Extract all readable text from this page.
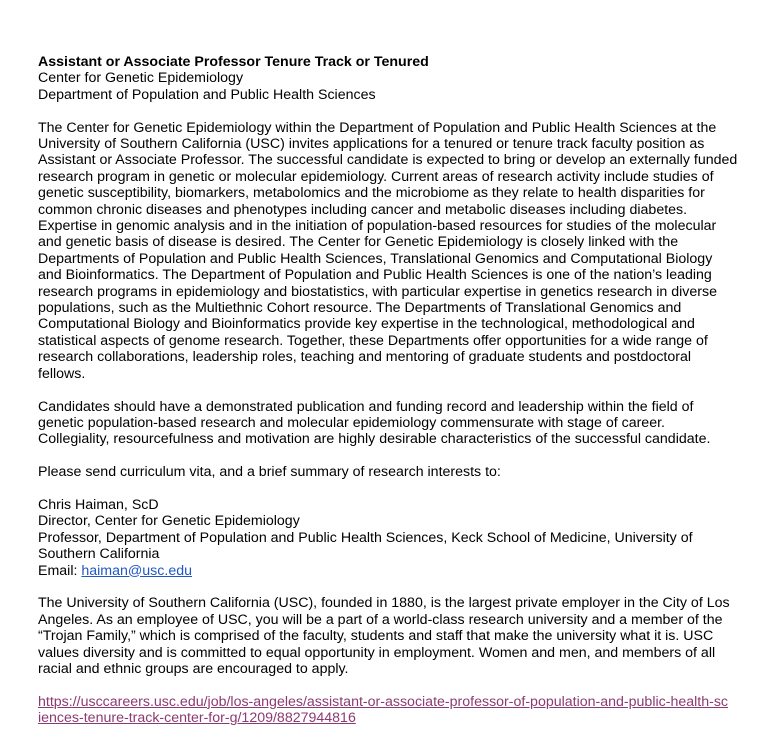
Assistant or Associate Professor Tenure Track or Tenured

Center for Genetic Epidemiology

Department of Population and Public Health Sciences

The Center for Genetic Epidemiology within the Department of Population and Public Health Sciences at the University of Southern California (USC) invites applications for a tenured or tenure track faculty position as Assistant or Associate Professor. The successful candidate is expected to bring or develop an externally funded research program in genetic or molecular epidemiology. Current areas of research activity include studies of genetic susceptibility, biomarkers, metabolomics and the microbiome as they relate to health disparities for common chronic diseases and phenotypes including cancer and metabolic diseases including diabetes. Expertise in genomic analysis and in the initiation of population-based resources for studies of the molecular and genetic basis of disease is desired. The Center for Genetic Epidemiology is closely linked with the Departments of Population and Public Health Sciences, Translational Genomics and Computational Biology and Bioinformatics. The Department of Population and Public Health Sciences is one of the nation’s leading research programs in epidemiology and biostatistics, with particular expertise in genetics research in diverse populations, such as the Multiethnic Cohort resource. The Departments of Translational Genomics and Computational Biology and Bioinformatics provide key expertise in the technological, methodological and statistical aspects of genome research. Together, these Departments offer opportunities for a wide range of research collaborations, leadership roles, teaching and mentoring of graduate students and postdoctoral fellows.

Candidates should have a demonstrated publication and funding record and leadership within the field of genetic population-based research and molecular epidemiology commensurate with stage of career. Collegiality, resourcefulness and motivation are highly desirable characteristics of the successful candidate.

Please send curriculum vita, and a brief summary of research interests to:

Chris Haiman, ScD

Director, Center for Genetic Epidemiology

Professor, Department of Population and Public Health Sciences, Keck School of Medicine, University of Southern California

Email: haiman@usc.edu

The University of Southern California (USC), founded in 1880, is the largest private employer in the City of Los Angeles. As an employee of USC, you will be a part of a world-class research university and a member of the “Trojan Family,” which is comprised of the faculty, students and staff that make the university what it is. USC values diversity and is committed to equal opportunity in employment. Women and men, and members of all racial and ethnic groups are encouraged to apply.

https://usccareers.usc.edu/job/los-angeles/assistant-or-associate-professor-of-population-and-public-health-sciences-tenure-track-center-for-g/1209/8827944816
